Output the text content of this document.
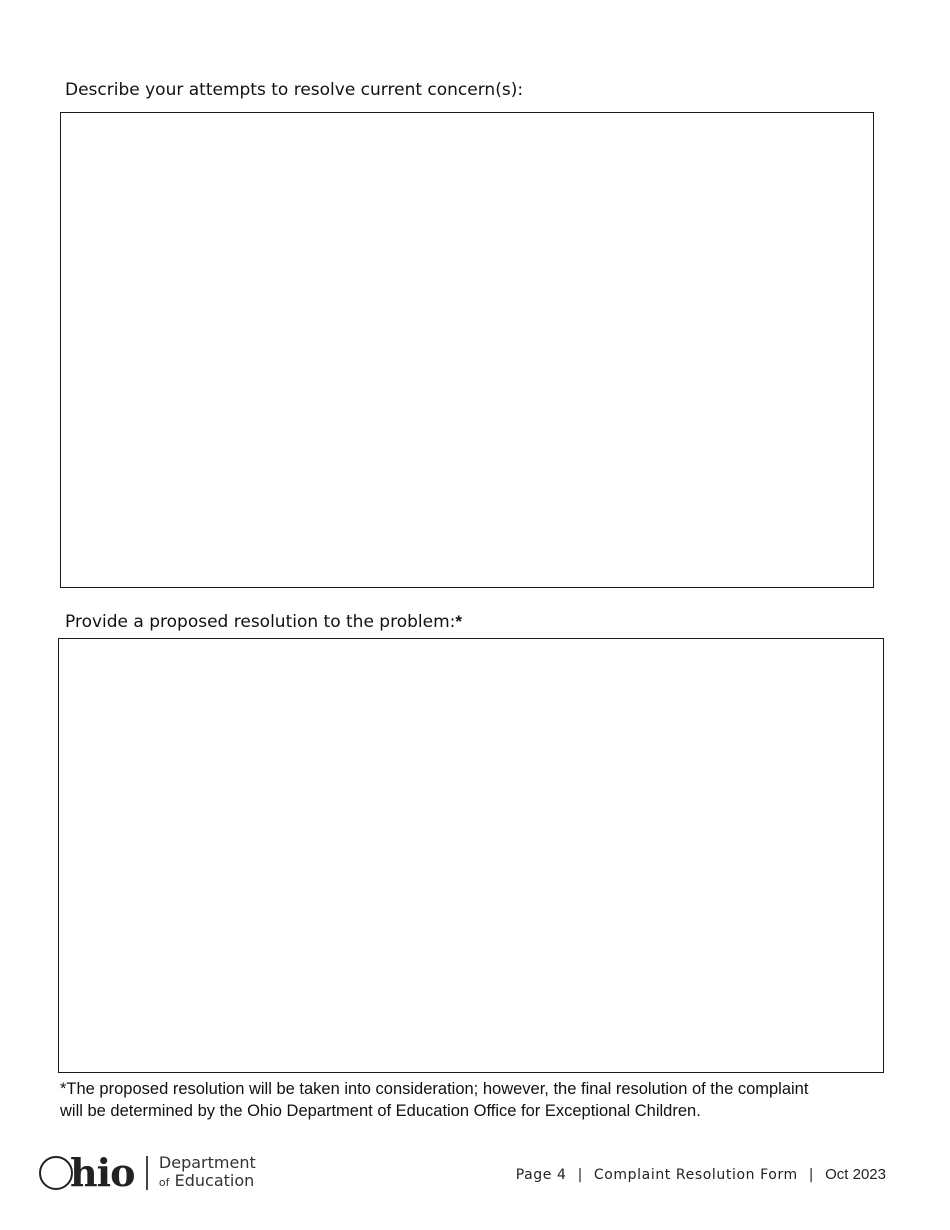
Describe your attempts to resolve current concern(s):
Provide a proposed resolution to the problem:*
*The proposed resolution will be taken into consideration; however, the final resolution of the complaint
will be determined by the Ohio Department of Education Office for Exceptional Children.
hio Department
of Education	Page 4 | Complaint Resolution Form | Oct 2023
